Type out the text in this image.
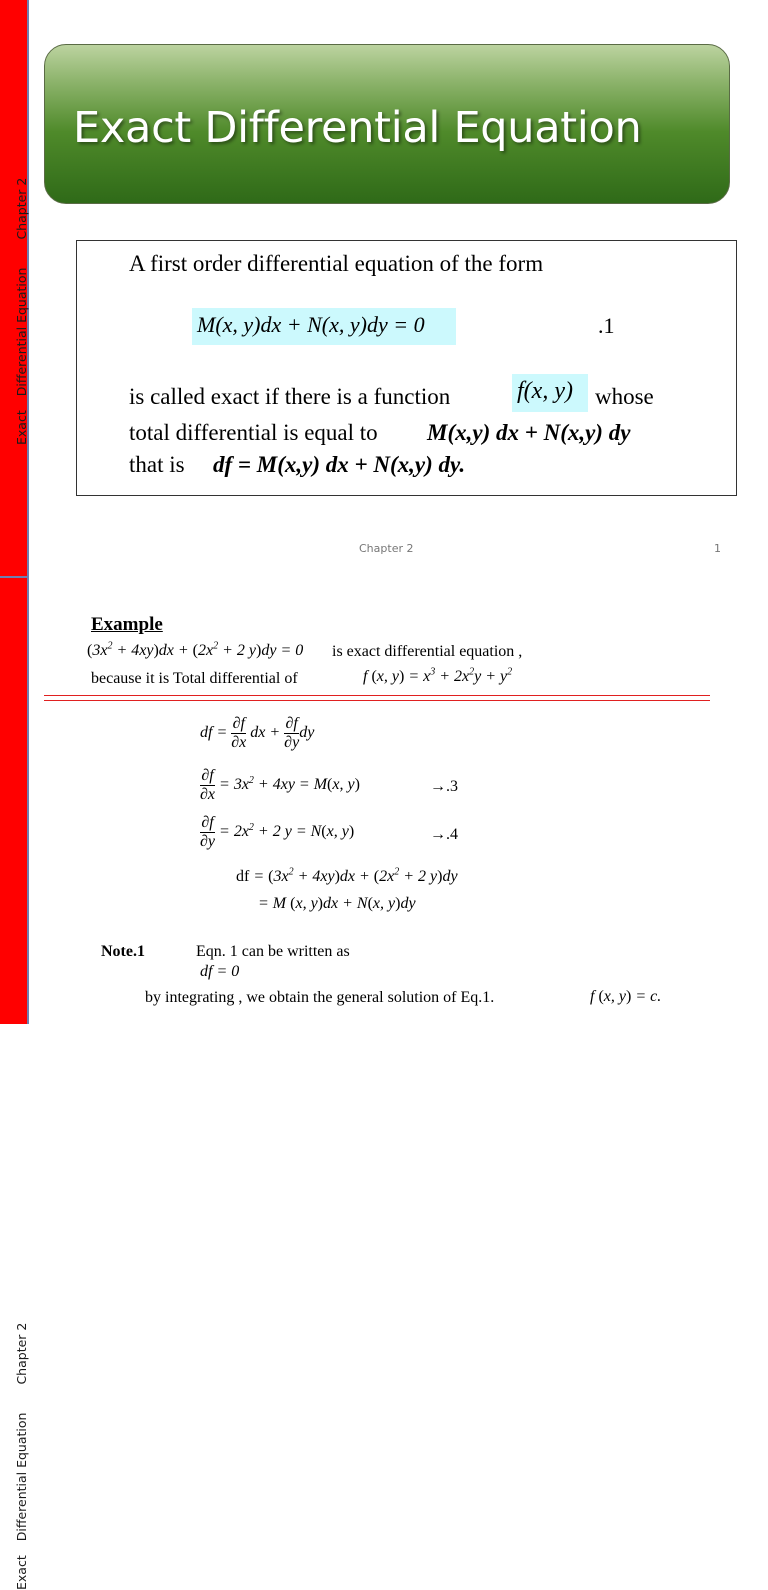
ExactDifferential EquationChapter 2
ExactDifferential EquationChapter 2
Exact Differential Equation
A first order differential equation of the form
M(x, y)dx + N(x, y)dy = 0	.1
is called exact if there is a function	f(x, y) whose
total differential is equal to M(x,y) dx + N(x,y) dy
that is df = M(x,y) dx + N(x,y) dy.
Chapter 2	1
Example
$(3x^2 + 4xy)dx + (2x^2 + 2$ y)dy = 0 is exact differential equation ,
because it is Total differential of	f (x, $y) = x^3 + 2x^2y + y^2$
df = $\frac{\partial f}{\partial x}$ dx + $\frac{\partial f}{\partial y}$ dy
$\frac{\partial f}{\partial x} = 3x^2 + 4xy = M(x$, y)	→.3
$\frac{\partial f}{\partial y} = 2x^2 + 2$ y = N(x, y)	→.4
df = $(3x^2 + 4xy)dx + (2x^2 + 2$ y)dy
= M (x, y)dx + N(x, y)dy
Note.1	Eqn. 1 can be written as
df = 0
by integrating , we obtain the general solution of Eq.1.	f (x, y) = c.
